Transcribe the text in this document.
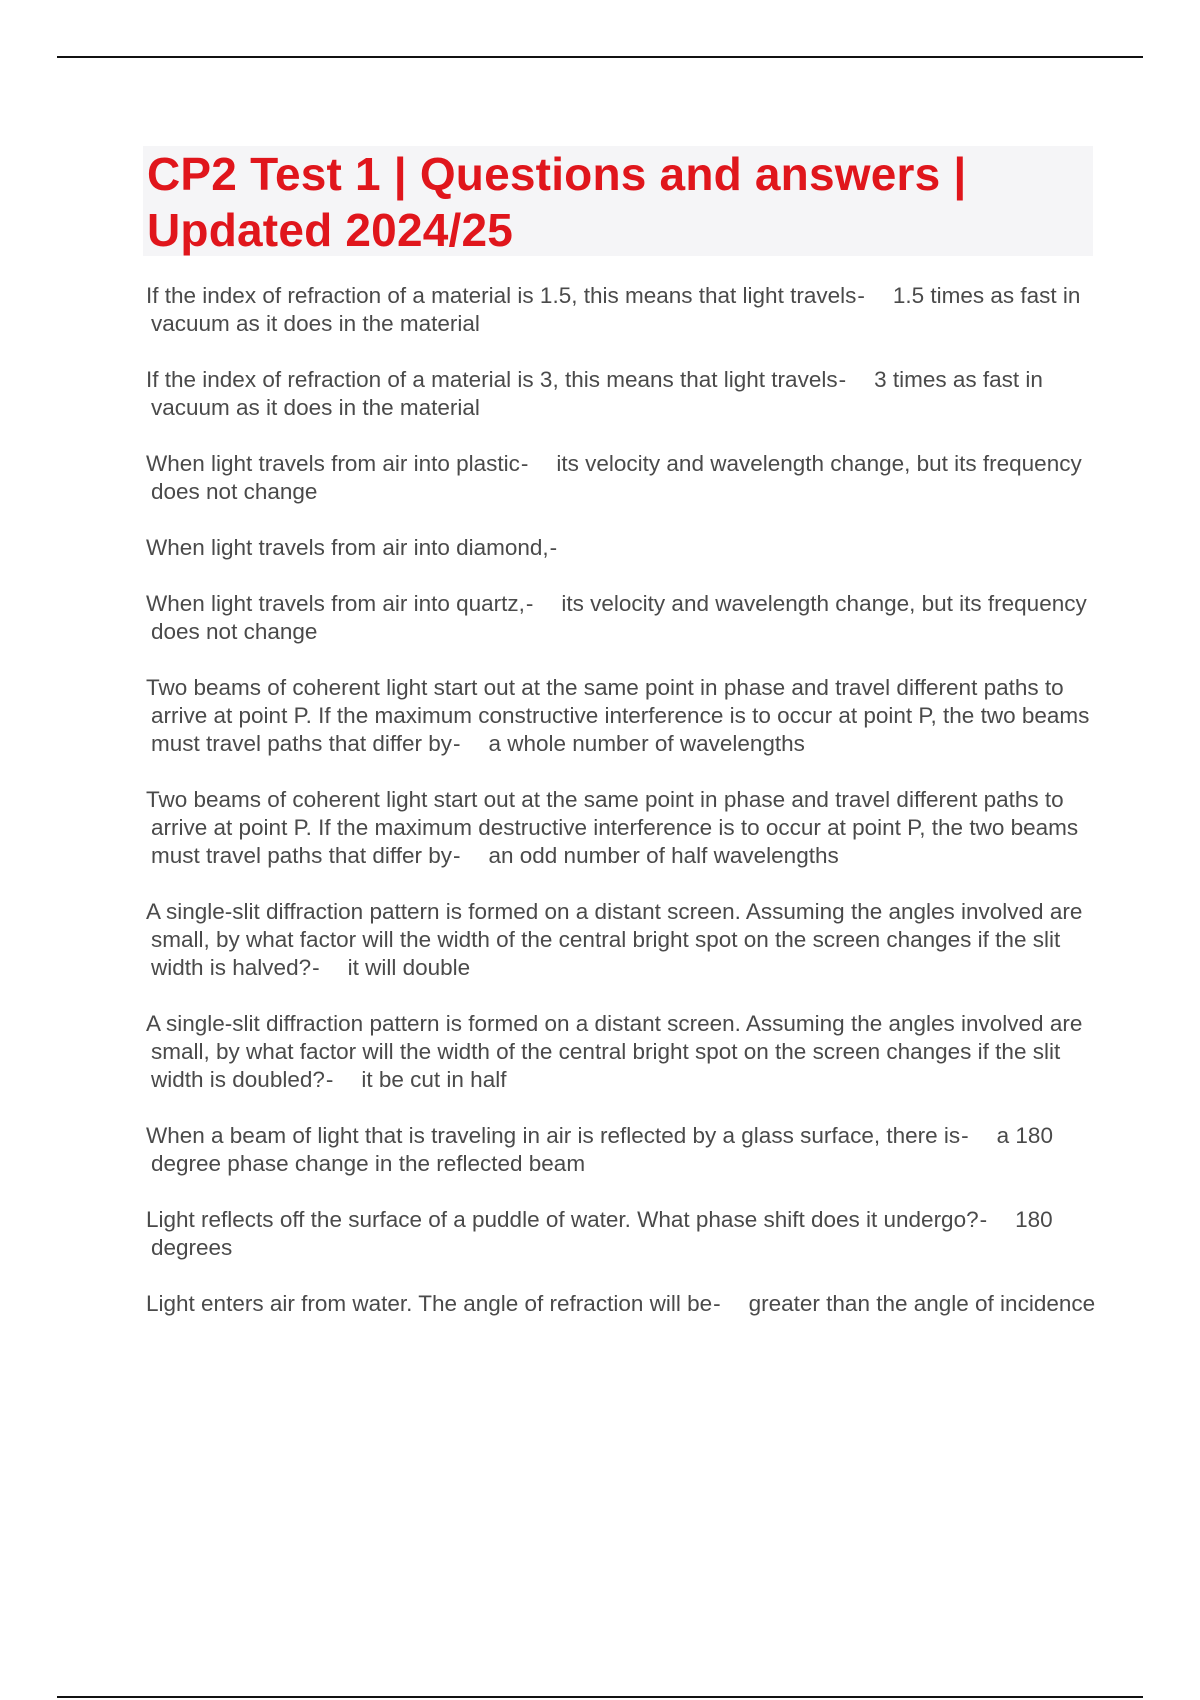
CP2 Test 1 | Questions and answers | Updated 2024/25
If the index of refraction of a material is 1.5, this means that light travels- 1.5 times as fast in vacuum as it does in the material
If the index of refraction of a material is 3, this means that light travels- 3 times as fast in vacuum as it does in the material
When light travels from air into plastic- its velocity and wavelength change, but its frequency does not change
When light travels from air into diamond,-
When light travels from air into quartz,- its velocity and wavelength change, but its frequency does not change
Two beams of coherent light start out at the same point in phase and travel different paths to arrive at point P. If the maximum constructive interference is to occur at point P, the two beams must travel paths that differ by- a whole number of wavelengths
Two beams of coherent light start out at the same point in phase and travel different paths to arrive at point P. If the maximum destructive interference is to occur at point P, the two beams must travel paths that differ by- an odd number of half wavelengths
A single-slit diffraction pattern is formed on a distant screen. Assuming the angles involved are small, by what factor will the width of the central bright spot on the screen changes if the slit width is halved?- it will double
A single-slit diffraction pattern is formed on a distant screen. Assuming the angles involved are small, by what factor will the width of the central bright spot on the screen changes if the slit width is doubled?- it be cut in half
When a beam of light that is traveling in air is reflected by a glass surface, there is- a 180 degree phase change in the reflected beam
Light reflects off the surface of a puddle of water. What phase shift does it undergo?- 180 degrees
Light enters air from water. The angle of refraction will be- greater than the angle of incidence
